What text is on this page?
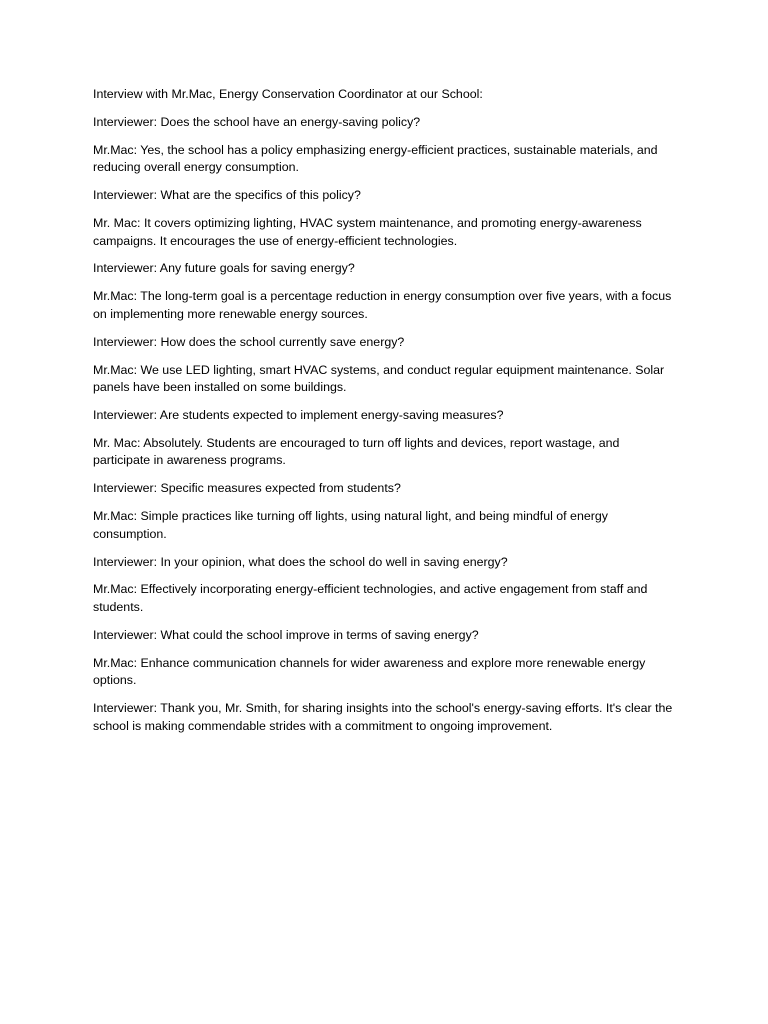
Interview with Mr.Mac, Energy Conservation Coordinator at our School:

Interviewer: Does the school have an energy-saving policy?

Mr.Mac: Yes, the school has a policy emphasizing energy-efficient practices, sustainable materials, and reducing overall energy consumption.

Interviewer: What are the specifics of this policy?

Mr. Mac: It covers optimizing lighting, HVAC system maintenance, and promoting energy-awareness campaigns. It encourages the use of energy-efficient technologies.

Interviewer: Any future goals for saving energy?

Mr.Mac: The long-term goal is a percentage reduction in energy consumption over five years, with a focus on implementing more renewable energy sources.

Interviewer: How does the school currently save energy?

Mr.Mac: We use LED lighting, smart HVAC systems, and conduct regular equipment maintenance. Solar panels have been installed on some buildings.

Interviewer: Are students expected to implement energy-saving measures?

Mr. Mac: Absolutely. Students are encouraged to turn off lights and devices, report wastage, and participate in awareness programs.

Interviewer: Specific measures expected from students?

Mr.Mac: Simple practices like turning off lights, using natural light, and being mindful of energy consumption.

Interviewer: In your opinion, what does the school do well in saving energy?

Mr.Mac: Effectively incorporating energy-efficient technologies, and active engagement from staff and students.

Interviewer: What could the school improve in terms of saving energy?

Mr.Mac: Enhance communication channels for wider awareness and explore more renewable energy options.

Interviewer: Thank you, Mr. Smith, for sharing insights into the school's energy-saving efforts. It's clear the school is making commendable strides with a commitment to ongoing improvement.
